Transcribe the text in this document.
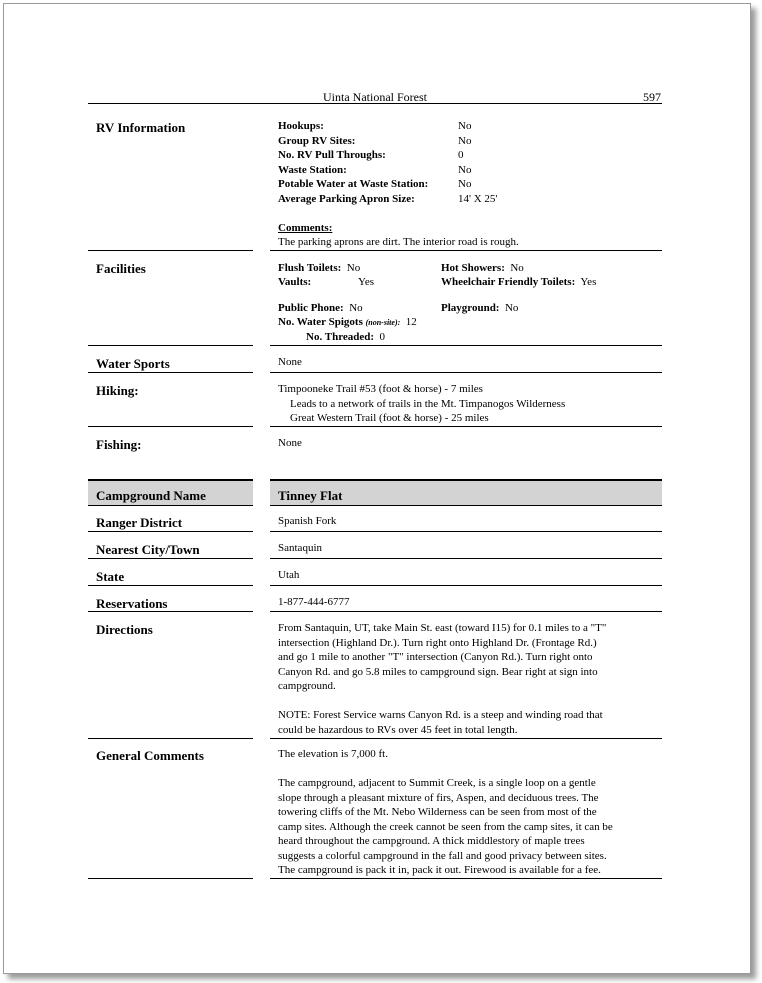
Uinta National Forest	597
RV Information	Hookups:	No
Group RV Sites:	No
No. RV Pull Throughs:	0
Waste Station:	No
Potable Water at Waste Station:	No
Average Parking Apron Size:	14' X 25'
Comments:
The parking aprons are dirt. The interior road is rough.
Facilities	Flush Toilets: No	Hot Showers: No
Vaults:	Yes	Wheelchair Friendly Toilets: Yes
Public Phone: No	Playground: No
No. Water Spigots (non-site): 12
No. Threaded: 0
Water Sports	None
Hiking:	Timpooneke Trail #53 (foot & horse) - 7 miles
Leads to a network of trails in the Mt. Timpanogos Wilderness
Great Western Trail (foot & horse) - 25 miles
Fishing:	None
Campground Name	Tinney Flat
Ranger District	Spanish Fork
Nearest City/Town	Santaquin
State	Utah
Reservations	1-877-444-6777
Directions	From Santaquin, UT, take Main St. east (toward I15) for 0.1 miles to a "T"
intersection (Highland Dr.). Turn right onto Highland Dr. (Frontage Rd.)
and go 1 mile to another "T" intersection (Canyon Rd.). Turn right onto
Canyon Rd. and go 5.8 miles to campground sign. Bear right at sign into
campground.
NOTE: Forest Service warns Canyon Rd. is a steep and winding road that
could be hazardous to RVs over 45 feet in total length.
General Comments	The elevation is 7,000 ft.
The campground, adjacent to Summit Creek, is a single loop on a gentle
slope through a pleasant mixture of firs, Aspen, and deciduous trees. The
towering cliffs of the Mt. Nebo Wilderness can be seen from most of the
camp sites. Although the creek cannot be seen from the camp sites, it can be
heard throughout the campground. A thick middlestory of maple trees
suggests a colorful campground in the fall and good privacy between sites.
The campground is pack it in, pack it out. Firewood is available for a fee.
